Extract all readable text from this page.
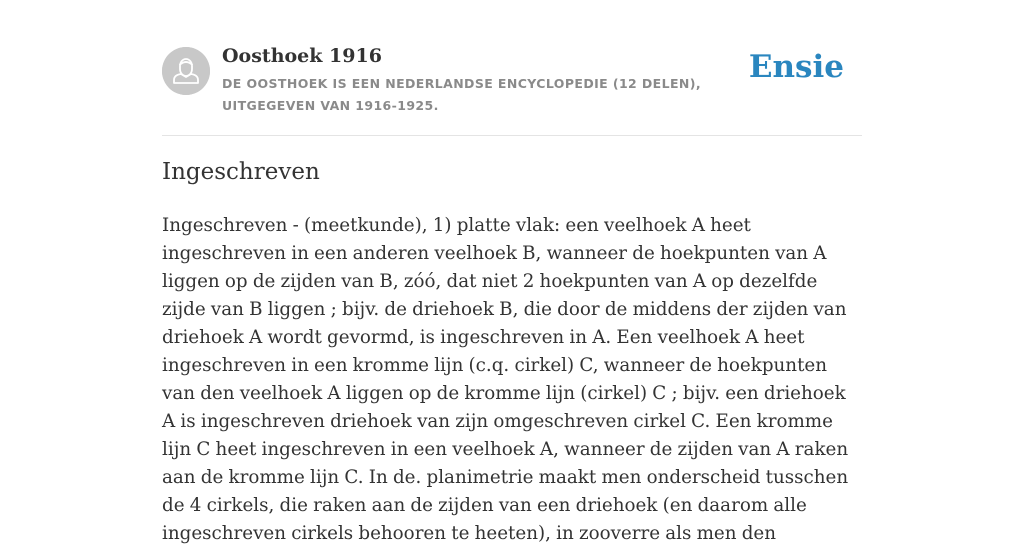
Oosthoek 1916

DE OOSTHOEK IS EEN NEDERLANDSE ENCYCLOPEDIE (12 DELEN), UITGEGEVEN VAN 1916-1925.

Ensie
Ingeschreven

Ingeschreven - (meetkunde), 1) platte vlak: een veelhoek A heet ingeschreven in een anderen veelhoek B, wanneer de hoekpunten van A liggen op de zijden van B, zóó, dat niet 2 hoekpunten van A op dezelfde zijde van B liggen ; bijv. de driehoek B, die door de middens der zijden van driehoek A wordt gevormd, is ingeschreven in A. Een veelhoek A heet ingeschreven in een kromme lijn (c.q. cirkel) C, wanneer de hoekpunten van den veelhoek A liggen op de kromme lijn (cirkel) C ; bijv. een driehoek A is ingeschreven driehoek van zijn omgeschreven cirkel C. Een kromme lijn C heet ingeschreven in een veelhoek A, wanneer de zijden van A raken aan de kromme lijn C. In de. planimetrie maakt men onderscheid tusschen de 4 cirkels, die raken aan de zijden van een driehoek (en daarom alle ingeschreven cirkels behooren te heeten), in zooverre als men den
